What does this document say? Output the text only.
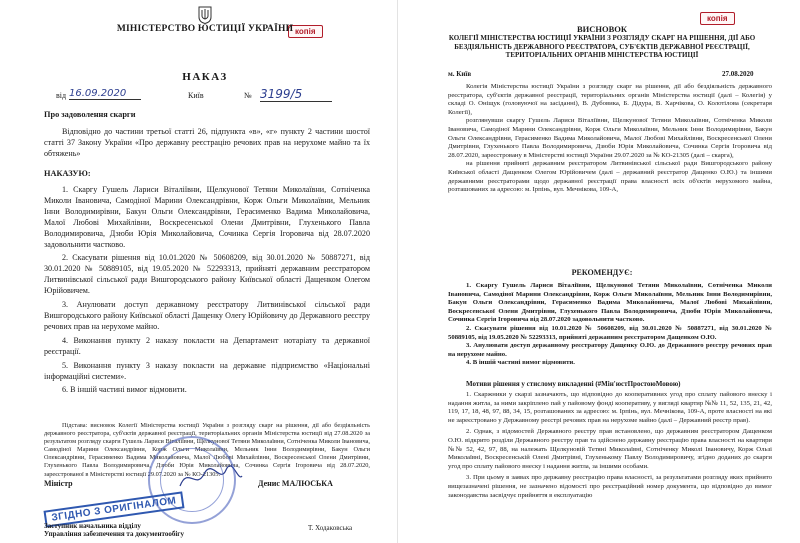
копія
МІНІСТЕРСТВО ЮСТИЦІЇ УКРАЇНИ
НАКАЗ
від 16.09.2020	Київ	№ 3199/5
Про задоволення скарги

Відповідно до частини третьої статті 26, підпункта «в», «г» пункту 2 частини шостої статті 37 Закону України «Про державну реєстрацію речових прав на нерухоме майно та їх обтяжень»

НАКАЗУЮ:

1. Скаргу Гушель Лариси Віталіївни, Щелкунової Тетяни Миколаївни, Сотніченка Миколи Івановича, Самодіної Марини Олександрівни, Корж Ольги Миколаївни, Мельник Інни Володимирівни, Бакун Ольги Олександрівни, Герасименко Вадима Миколайовича, Малої Любові Михайлівни, Воскресенської Олени Дмитрівни, Глухенького Павла Володимировича, Дзюби Юрія Миколайовича, Сочинка Сергія Ігоровича від 28.07.2020 задовольнити частково.

2. Скасувати рішення від 10.01.2020 № 50608209, від 30.01.2020 № 50887271, від 30.01.2020 № 50889105, від 19.05.2020 № 52293313, прийняті державним реєстратором Литвинівської сільської ради Вишгородського району Київської області Дащенком Олегом Юрійовичем.

3. Анулювати доступ державному реєстратору Литвинівської сільської ради Вишгородського району Київської області Дащенку Олегу Юрійовичу до Державного реєстру речових прав на нерухоме майно.

4. Виконання пункту 2 наказу покласти на Департамент нотаріату та державної реєстрації.

5. Виконання пункту 3 наказу покласти на державне підприємство «Національні інформаційні системи».

6. В іншій частині вимог відмовити.

Підстава: висновок Колегії Міністерства юстиції України з розгляду скарг на рішення, дії або бездіяльність державного реєстратора, суб'єктів державної реєстрації, територіальних органів Міністерства юстиції від 27.08.2020 за результатом розгляду скарги Гушель Лариси Віталіївни, Щелкунової Тетяни Миколаївни, Сотніченка Миколи Івановича, Самодіної Марини Олександрівни, Корж Ольги Миколаївни, Мельник Інни Володимирівни, Бакун Ольги Олександрівни, Герасименко Вадима Миколайовича, Малої Любові Михайлівни, Воскресенської Олени Дмитрівни, Глухенького Павла Володимировича, Дзюби Юрія Миколайовича, Сочинка Сергія Ігоровича від 28.07.2020, зареєстрованої в Міністерстві юстиції 29.07.2020 за № КО-21305.

Міністр	Денис МАЛЮСЬКА
ЗГІДНО З ОРИГІНАЛОМ
Заступник начальника відділу
Управління забезпечення та документообігу
Т. Ходаковська
копія
ВИСНОВОК
КОЛЕГІЇ МІНІСТЕРСТВА ЮСТИЦІЇ УКРАЇНИ З РОЗГЛЯДУ СКАРГ НА РІШЕННЯ, ДІЇ АБО БЕЗДІЯЛЬНІСТЬ ДЕРЖАВНОГО РЕЄСТРАТОРА, СУБ'ЄКТІВ ДЕРЖАВНОЇ РЕЄСТРАЦІЇ, ТЕРИТОРІАЛЬНИХ ОРГАНІВ МІНІСТЕРСТВА ЮСТИЦІЇ
м. Київ	27.08.2020

Колегія Міністерства юстиції України з розгляду скарг на рішення, дії або бездіяльність державного реєстратора, суб'єктів державної реєстрації, територіальних органів Міністерства юстиції (далі – Колегія) у складі О. Оніщук (головуючої на засіданні), В. Дубовика, Б. Дідура, В. Харчікова, О. Колотілова (секретаря Колегії),

розглянувши скаргу Гушель Лариси Віталіївни, Щелкунової Тетяни Миколаївни, Сотніченка Миколи Івановича, Самодіної Марини Олександрівни, Корж Ольги Миколаївни, Мельник Інни Володимирівни, Бакун Ольги Олександрівни, Герасименко Вадима Миколайовича, Малої Любові Михайлівни, Воскресенської Олени Дмитрівни, Глухенького Павла Володимировича, Дзюби Юрія Миколайовича, Сочинка Сергія Ігоровича від 28.07.2020, зареєстровану в Міністерстві юстиції України 29.07.2020 за № КО-21305 (далі – скарга),

на рішення прийняті державним реєстратором Литвинівської сільської ради Вишгородського району Київської області Дащенком Олегом Юрійовичем (далі – державний реєстратор Дащенко О.Ю.) та іншими державними реєстраторами щодо державної реєстрації права власності всіх об'єктів нерухомого майна, розташованих за адресою: м. Ірпінь, вул. Мечнікова, 109-А,

РЕКОМЕНДУЄ:

1. Скаргу Гушель Лариси Віталіївни, Щелкунової Тетяни Миколаївни, Сотніченка Миколи Івановича, Самодіної Марини Олександрівни, Корж Ольги Миколаївни, Мельник Інни Володимирівни, Бакун Ольги Олександрівни, Герасименко Вадима Миколайовича, Малої Любові Михайлівни, Воскресенської Олени Дмитрівни, Глухенького Павла Володимировича, Дзюби Юрія Миколайовича, Сочинка Сергія Ігоровича від 28.07.2020 задовольнити частково.

2. Скасувати рішення від 10.01.2020 № 50608209, від 30.01.2020 № 50887271, від 30.01.2020 № 50889105, від 19.05.2020 № 52293313, прийняті державним реєстратором Дащенком О.Ю.

3. Анулювати доступ державному реєстратору Дащенку О.Ю. до Державного реєстру речових прав на нерухоме майно.

4. В іншій частині вимог відмовити.

Мотиви рішення у стислому викладенні (#Мін'юстПростоюМовою)

1. Скаржники у скарзі зазначають, що відповідно до кооперативних угод про сплату пайового внеску і надання житла, за ними закріплено пай у пайовому фонді кооперативу, у вигляді квартир №№ 11, 52, 135, 21, 42, 119, 17, 18, 48, 97, 88, 34, 15, розташованих за адресою: м. Ірпінь, вул. Мечнікова, 109-А, проте власності на які не зареєстровано у Державному реєстрі речових прав на нерухоме майно (далі – Державний реєстр прав).

2. Однак, з відомостей Державного реєстру прав встановлено, що державним реєстратором Дащенком О.Ю. відкрито розділи Державного реєстру прав та здійснено державну реєстрацію права власності на квартири №№ 52, 42, 97, 88, на належать Щелкуновій Тетяні Миколаївні, Сотніченку Миколі Івановичу, Корж Ользі Миколаївні, Воскресенській Олені Дмитрівні, Глухенькому Павлу Володимировичу, згідно доданих до скарги угод про сплату пайового внеску і надання житла, за іншими особами.

3. При цьому в заявах про державну реєстрацію права власності, за результатами розгляду яких прийнято вищезазначені рішення, не зазначено відомості про реєстраційний номер документа, що відповідно до вимог законодавства засвідчує прийняття в експлуатацію
